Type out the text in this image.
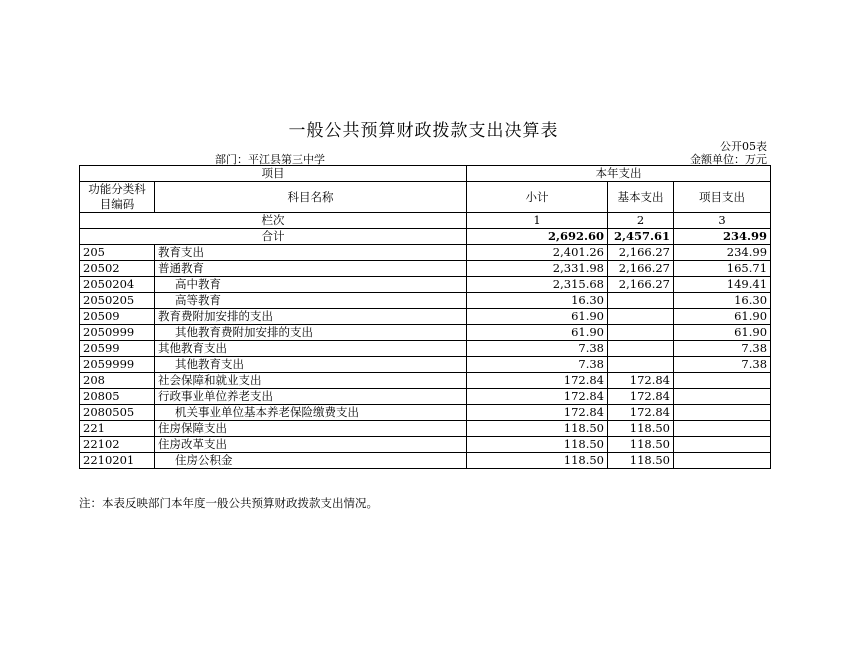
一般公共预算财政拨款支出决算表
公开05表
部门：平江县第三中学	金额单位：万元
项目		本年支出		
功能分类科目编码	科目名称	小计	基本支出	项目支出
栏次		1	2	3
合计		2,692.60	2,457.61	234.99
205	教育支出	2,401.26	2,166.27	234.99
20502	普通教育	2,331.98	2,166.27	165.71
2050204	高中教育	2,315.68	2,166.27	149.41
2050205	高等教育	16.30		16.30
20509	教育费附加安排的支出	61.90		61.90
2050999	其他教育费附加安排的支出	61.90		61.90
20599	其他教育支出	7.38		7.38
2059999	其他教育支出	7.38		7.38
208	社会保障和就业支出	172.84	172.84	
20805	行政事业单位养老支出	172.84	172.84	
2080505	机关事业单位基本养老保险缴费支出	172.84	172.84	
221	住房保障支出	118.50	118.50	
22102	住房改革支出	118.50	118.50	
2210201	住房公积金	118.50	118.50	
注：本表反映部门本年度一般公共预算财政拨款支出情况。
